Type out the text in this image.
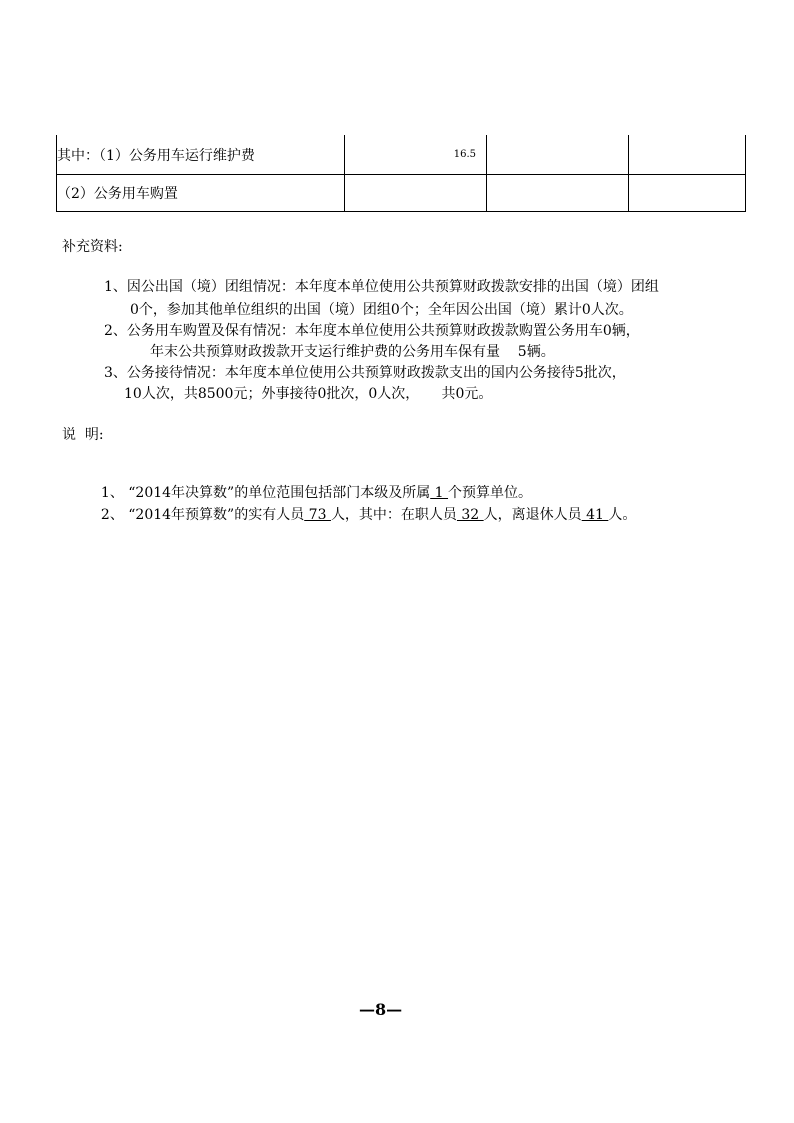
其中：（1）公务用车运行维护费	16.5		
（2）公务用车购置			
补充资料:
1、因公出国（境）团组情况：本年度本单位使用公共预算财政拨款安排的出国（境）团组
0个，参加其他单位组织的出国（境）团组0个；全年因公出国（境）累计0人次。
2、公务用车购置及保有情况：本年度本单位使用公共预算财政拨款购置公务用车0辆，
年末公共预算财政拨款开支运行维护费的公务用车保有量    5辆。
3、公务接待情况：本年度本单位使用公共预算财政拨款支出的国内公务接待5批次，
10人次，共8500元；外事接待0批次，0人次，     共0元。
说  明:

1、 “2014年决算数”的单位范围包括部门本级及所属 1 个预算单位。

2、 “2014年预算数”的实有人员 73 人，其中：在职人员 32 人，离退休人员 41 人。

—8—
